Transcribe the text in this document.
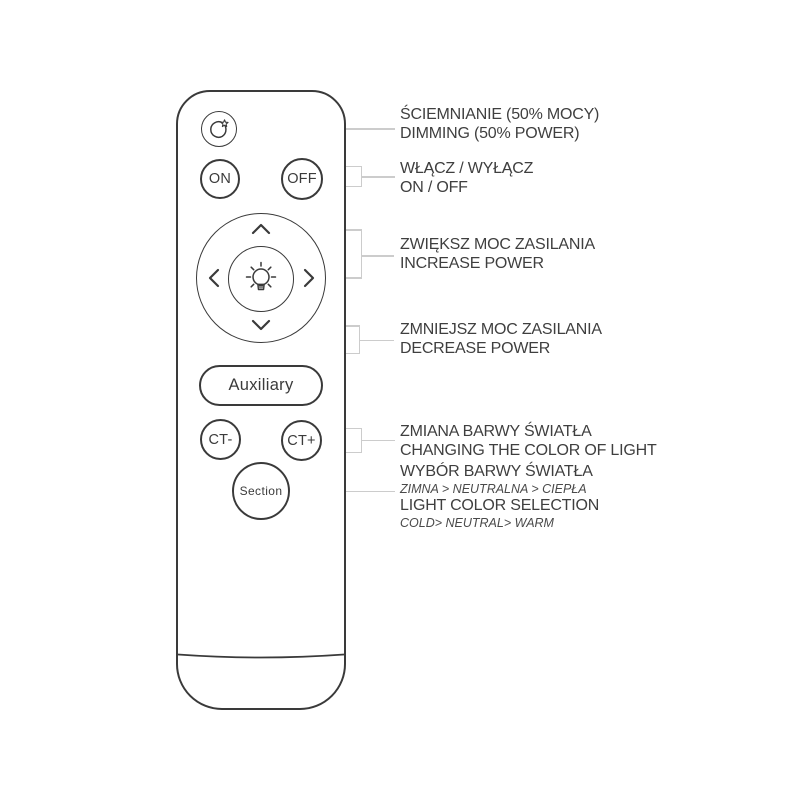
ON	OFF
Auxiliary
CT-	CT+
Section
ŚCIEMNIANIE (50% MOCY)
DIMMING (50% POWER)
WŁĄCZ / WYŁĄCZ
ON / OFF
ZWIĘKSZ MOC ZASILANIA
INCREASE POWER
ZMNIEJSZ MOC ZASILANIA
DECREASE POWER
ZMIANA BARWY ŚWIATŁA
CHANGING THE COLOR OF LIGHT
WYBÓR BARWY ŚWIATŁA
ZIMNA > NEUTRALNA > CIEPŁA
LIGHT COLOR SELECTION
COLD> NEUTRAL> WARM
